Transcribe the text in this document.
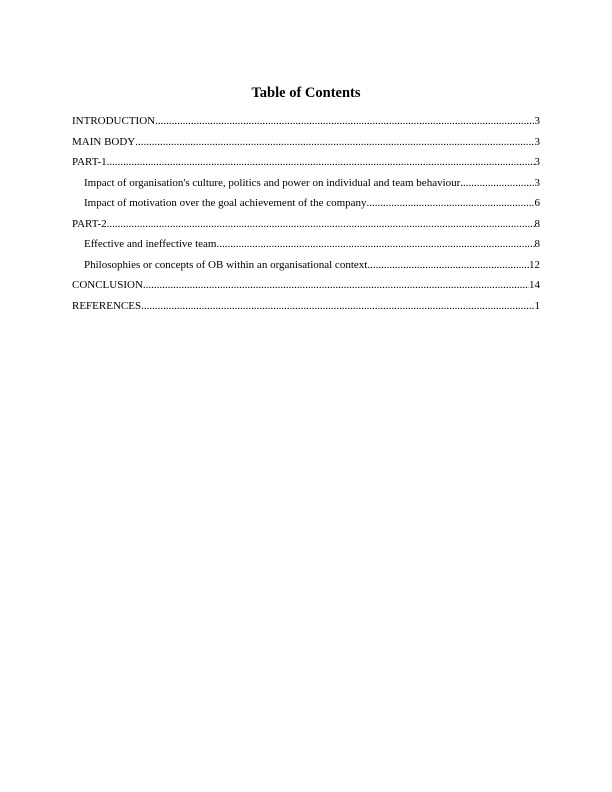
Table of Contents
INTRODUCTION .....	3
MAIN BODY .....	3
PART-1 .....	3
Impact of organisation's culture, politics and power on individual and team behaviour .....	3
Impact of motivation over the goal achievement of the company .....	6
PART-2 .....	8
Effective and ineffective team .....	8
Philosophies or concepts of OB within an organisational context .....	12
CONCLUSION .....	14
REFERENCES .....	1
